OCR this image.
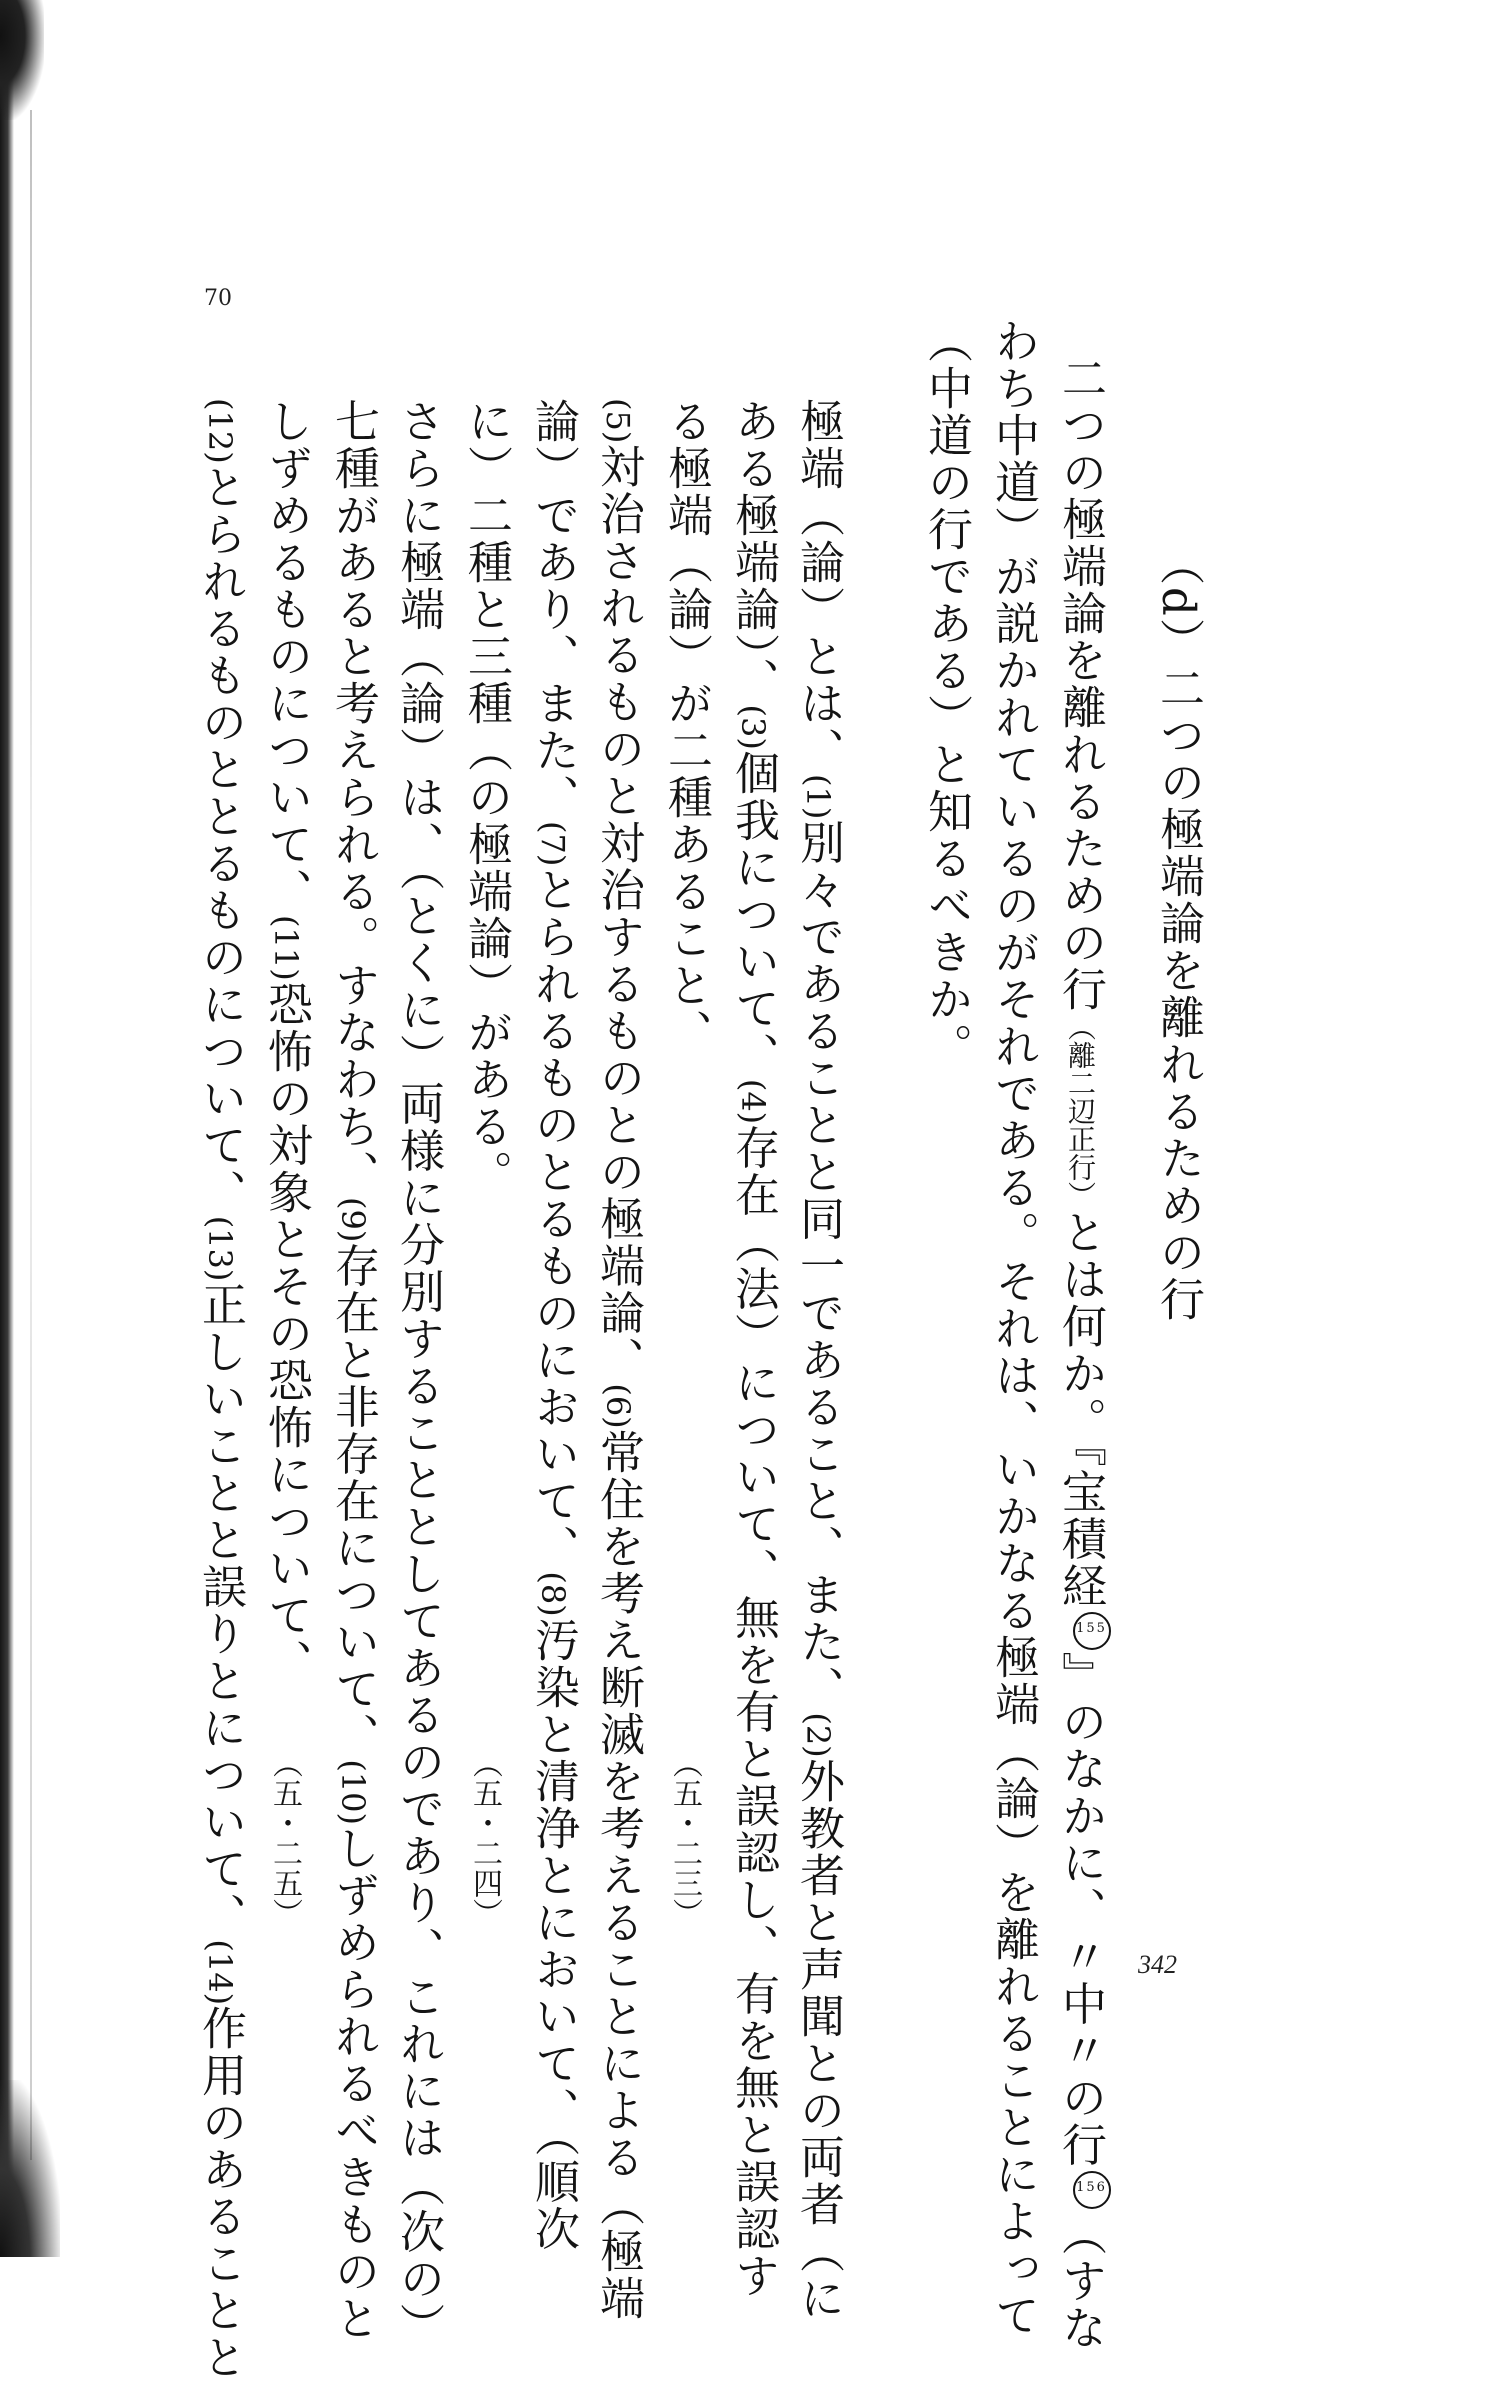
70
342
（d）二つの極端論を離れるための行
二つの極端論を離れるための行（離二辺正行）とは何か。『宝積経155』のなかに、〃中〃の行156（すな
わち中道）が説かれているのがそれである。それは、いかなる極端（論）を離れることによって
（中道の行である）と知るべきか。
極端（論）とは、(1)別々であることと同一であること、また、(2)外教者と声聞との両者（に
ある極端論）、(3)個我について、(4)存在（法）について、無を有と誤認し、有を無と誤認す
る極端（論）が二種あること、
（五・二三）
(5)対治されるものと対治するものとの極端論、(6)常住を考え断滅を考えることによる（極端
論）であり、また、(7)とられるものとるものにおいて、(8)汚染と清浄とにおいて、（順次
に）二種と三種（の極端論）がある。
（五・二四）
さらに極端（論）は、（とくに）両様に分別することとしてあるのであり、これには（次の）
七種があると考えられる。すなわち、(9)存在と非存在について、(10)しずめられるべきものと
しずめるものについて、(11)恐怖の対象とその恐怖について、
（五・二五）
(12)とられるものととるものについて、(13)正しいことと誤りとについて、(14)作用のあることと
